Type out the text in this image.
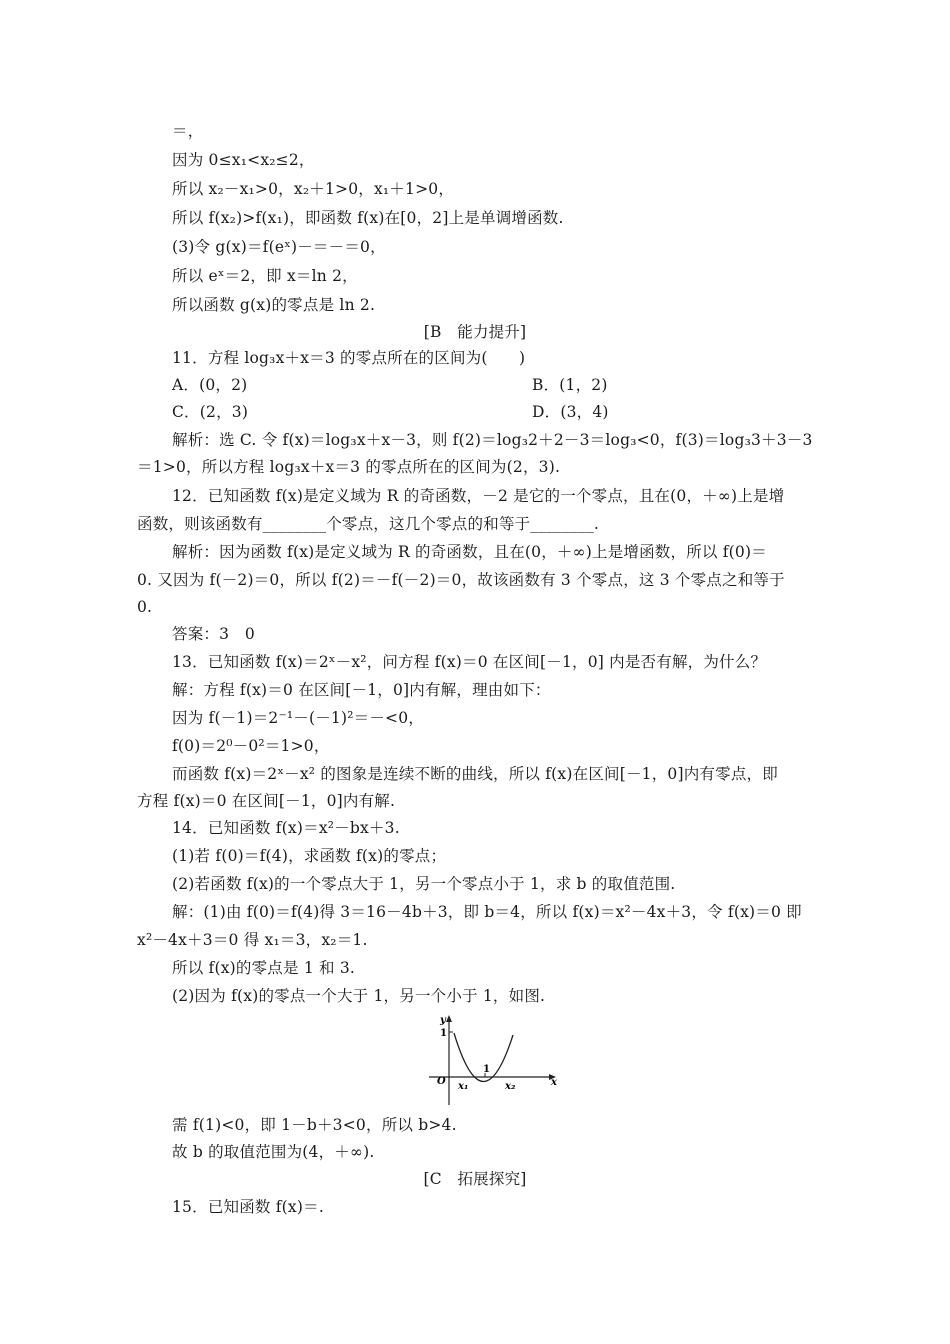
＝，
因为 0≤x₁<x₂≤2，
所以 x₂－x₁>0，x₂＋1>0，x₁＋1>0，
所以 f(x₂)>f(x₁)，即函数 f(x)在[0，2]上是单调增函数.
(3)令 g(x)＝f(eˣ)－＝－＝0，
所以 eˣ＝2，即 x＝ln 2，
所以函数 g(x)的零点是 ln 2.
[B　能力提升]
11．方程 log₃x＋x＝3 的零点所在的区间为(　　)
A．(0，2)	B．(1，2)
C．(2，3)	D．(3，4)
解析：选 C. 令 f(x)＝log₃x＋x－3，则 f(2)＝log₃2＋2－3＝log₃<0，f(3)＝log₃3＋3－3
＝1>0，所以方程 log₃x＋x＝3 的零点所在的区间为(2，3).
12．已知函数 f(x)是定义域为 R 的奇函数，－2 是它的一个零点，且在(0，＋∞)上是增
函数，则该函数有________个零点，这几个零点的和等于________.
解析：因为函数 f(x)是定义域为 R 的奇函数，且在(0，＋∞)上是增函数，所以 f(0)＝
0. 又因为 f(－2)＝0，所以 f(2)＝－f(－2)＝0，故该函数有 3 个零点，这 3 个零点之和等于
0.
答案：3　0
13．已知函数 f(x)＝2ˣ－x²，问方程 f(x)＝0 在区间[－1，0] 内是否有解，为什么？
解：方程 f(x)＝0 在区间[－1，0]内有解，理由如下：
因为 f(－1)＝2⁻¹－(－1)²＝－<0，
f(0)＝2⁰－0²＝1>0，
而函数 f(x)＝2ˣ－x² 的图象是连续不断的曲线，所以 f(x)在区间[－1，0]内有零点，即
方程 f(x)＝0 在区间[－1，0]内有解.
14．已知函数 f(x)＝x²－bx＋3.
(1)若 f(0)＝f(4)，求函数 f(x)的零点；
(2)若函数 f(x)的一个零点大于 1，另一个零点小于 1，求 b 的取值范围.
解：(1)由 f(0)＝f(4)得 3＝16－4b＋3，即 b＝4，所以 f(x)＝x²－4x＋3，令 f(x)＝0 即
x²－4x＋3＝0 得 x₁＝3，x₂＝1.
所以 f(x)的零点是 1 和 3.
(2)因为 f(x)的零点一个大于 1，另一个小于 1，如图.
y
x
O
1
1
x₁	x₂
需 f(1)<0，即 1－b＋3<0，所以 b>4.
故 b 的取值范围为(4，＋∞).
[C　拓展探究]
15．已知函数 f(x)＝.
